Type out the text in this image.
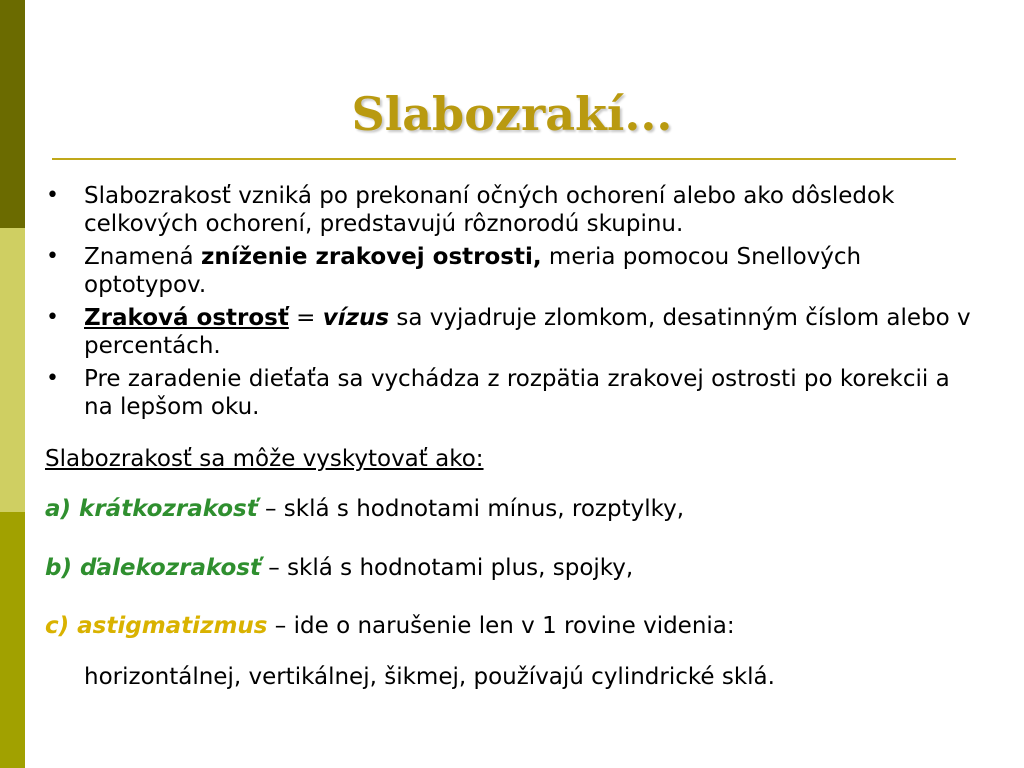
Slabozrakí...
• Slabozrakosť vzniká po prekonaní očných ochorení alebo ako dôsledok celkových ochorení, predstavujú rôznorodú skupinu.
• Znamená zníženie zrakovej ostrosti, meria pomocou Snellových optotypov.
• Zraková ostrosť = vízus sa vyjadruje zlomkom, desatinným číslom alebo v percentách.
• Pre zaradenie dieťaťa sa vychádza z rozpätia zrakovej ostrosti po korekcii a na lepšom oku.
Slabozrakosť sa môže vyskytovať ako:
a) krátkozrakosť – sklá s hodnotami mínus, rozptylky,
b) ďalekozrakosť – sklá s hodnotami plus, spojky,
c) astigmatizmus – ide o narušenie len v 1 rovine videnia:
horizontálnej, vertikálnej, šikmej, používajú cylindrické sklá.
